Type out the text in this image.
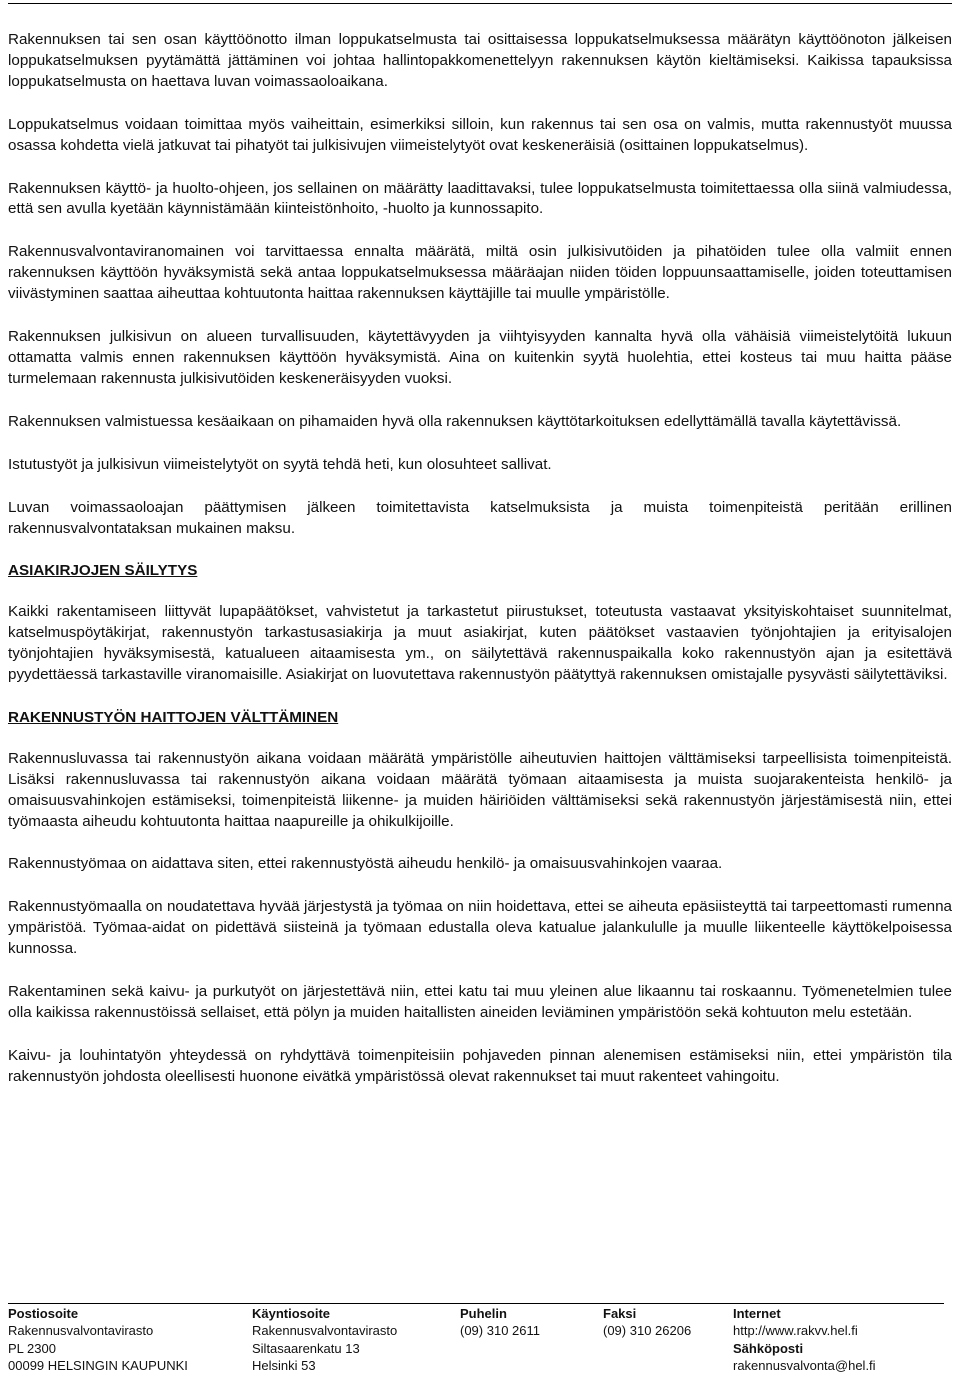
Rakennuksen tai sen osan käyttöönotto ilman loppukatselmusta tai osittaisessa loppukatselmuksessa määrätyn käyttöönoton jälkeisen loppukatselmuksen pyytämättä jättäminen voi johtaa hallintopakkomenettelyyn rakennuksen käytön kieltämiseksi. Kaikissa tapauksissa loppukatselmusta on haettava luvan voimassaoloaikana.

Loppukatselmus voidaan toimittaa myös vaiheittain, esimerkiksi silloin, kun rakennus tai sen osa on valmis, mutta rakennustyöt muussa osassa kohdetta vielä jatkuvat tai pihatyöt tai julkisivujen viimeistelytyöt ovat keskeneräisiä (osittainen loppukatselmus).

Rakennuksen käyttö- ja huolto-ohjeen, jos sellainen on määrätty laadittavaksi, tulee loppukatselmusta toimitettaessa olla siinä valmiudessa, että sen avulla kyetään käynnistämään kiinteistönhoito, -huolto ja kunnossapito.

Rakennusvalvontaviranomainen voi tarvittaessa ennalta määrätä, miltä osin julkisivutöiden ja pihatöiden tulee olla valmiit ennen rakennuksen käyttöön hyväksymistä sekä antaa loppukatselmuksessa määräajan niiden töiden loppuunsaattamiselle, joiden toteuttamisen viivästyminen saattaa aiheuttaa kohtuutonta haittaa rakennuksen käyttäjille tai muulle ympäristölle.

Rakennuksen julkisivun on alueen turvallisuuden, käytettävyyden ja viihtyisyyden kannalta hyvä olla vähäisiä viimeistelytöitä lukuun ottamatta valmis ennen rakennuksen käyttöön hyväksymistä. Aina on kuitenkin syytä huolehtia, ettei kosteus tai muu haitta pääse turmelemaan rakennusta julkisivutöiden keskeneräisyyden vuoksi.

Rakennuksen valmistuessa kesäaikaan on pihamaiden hyvä olla rakennuksen käyttötarkoituksen edellyttämällä tavalla käytettävissä.

Istutustyöt ja julkisivun viimeistelytyöt on syytä tehdä heti, kun olosuhteet sallivat.

Luvan voimassaoloajan päättymisen jälkeen toimitettavista katselmuksista ja muista toimenpiteistä peritään erillinen rakennusvalvontataksan mukainen maksu.

ASIAKIRJOJEN SÄILYTYS

Kaikki rakentamiseen liittyvät lupapäätökset, vahvistetut ja tarkastetut piirustukset, toteutusta vastaavat yksityiskohtaiset suunnitelmat, katselmuspöytäkirjat, rakennustyön tarkastusasiakirja ja muut asiakirjat, kuten päätökset vastaavien työnjohtajien ja erityisalojen työnjohtajien hyväksymisestä, katualueen aitaamisesta ym., on säilytettävä rakennuspaikalla koko rakennustyön ajan ja esitettävä pyydettäessä tarkastaville viranomaisille. Asiakirjat on luovutettava rakennustyön päätyttyä rakennuksen omistajalle pysyvästi säilytettäviksi.

RAKENNUSTYÖN HAITTOJEN VÄLTTÄMINEN

Rakennusluvassa tai rakennustyön aikana voidaan määrätä ympäristölle aiheutuvien haittojen välttämiseksi tarpeellisista toimenpiteistä. Lisäksi rakennusluvassa tai rakennustyön aikana voidaan määrätä työmaan aitaamisesta ja muista suojarakenteista henkilö- ja omaisuusvahinkojen estämiseksi, toimenpiteistä liikenne- ja muiden häiriöiden välttämiseksi sekä rakennustyön järjestämisestä niin, ettei työmaasta aiheudu kohtuutonta haittaa naapureille ja ohikulkijoille.

Rakennustyömaa on aidattava siten, ettei rakennustyöstä aiheudu henkilö- ja omaisuusvahinkojen vaaraa.

Rakennustyömaalla on noudatettava hyvää järjestystä ja työmaa on niin hoidettava, ettei se aiheuta epäsiisteyttä tai tarpeettomasti rumenna ympäristöä. Työmaa-aidat on pidettävä siisteinä ja työmaan edustalla oleva katualue jalankululle ja muulle liikenteelle käyttökelpoisessa kunnossa.

Rakentaminen sekä kaivu- ja purkutyöt on järjestettävä niin, ettei katu tai muu yleinen alue likaannu tai roskaannu. Työmenetelmien tulee olla kaikissa rakennustöissä sellaiset, että pölyn ja muiden haitallisten aineiden leviäminen ympäristöön sekä kohtuuton melu estetään.

Kaivu- ja louhintatyön yhteydessä on ryhdyttävä toimenpiteisiin pohjaveden pinnan alenemisen estämiseksi niin, ettei ympäristön tila rakennustyön johdosta oleellisesti huonone eivätkä ympäristössä olevat rakennukset tai muut rakenteet vahingoitu.

Postiosoite
Rakennusvalvontavirasto
PL 2300
00099 HELSINGIN KAUPUNKI
Käyntiosoite
Rakennusvalvontavirasto
Siltasaarenkatu 13
Helsinki 53
Puhelin
(09) 310 2611
Faksi
(09) 310 26206
Internet
http://www.rakvv.hel.fi
Sähköposti
rakennusvalvonta@hel.fi
